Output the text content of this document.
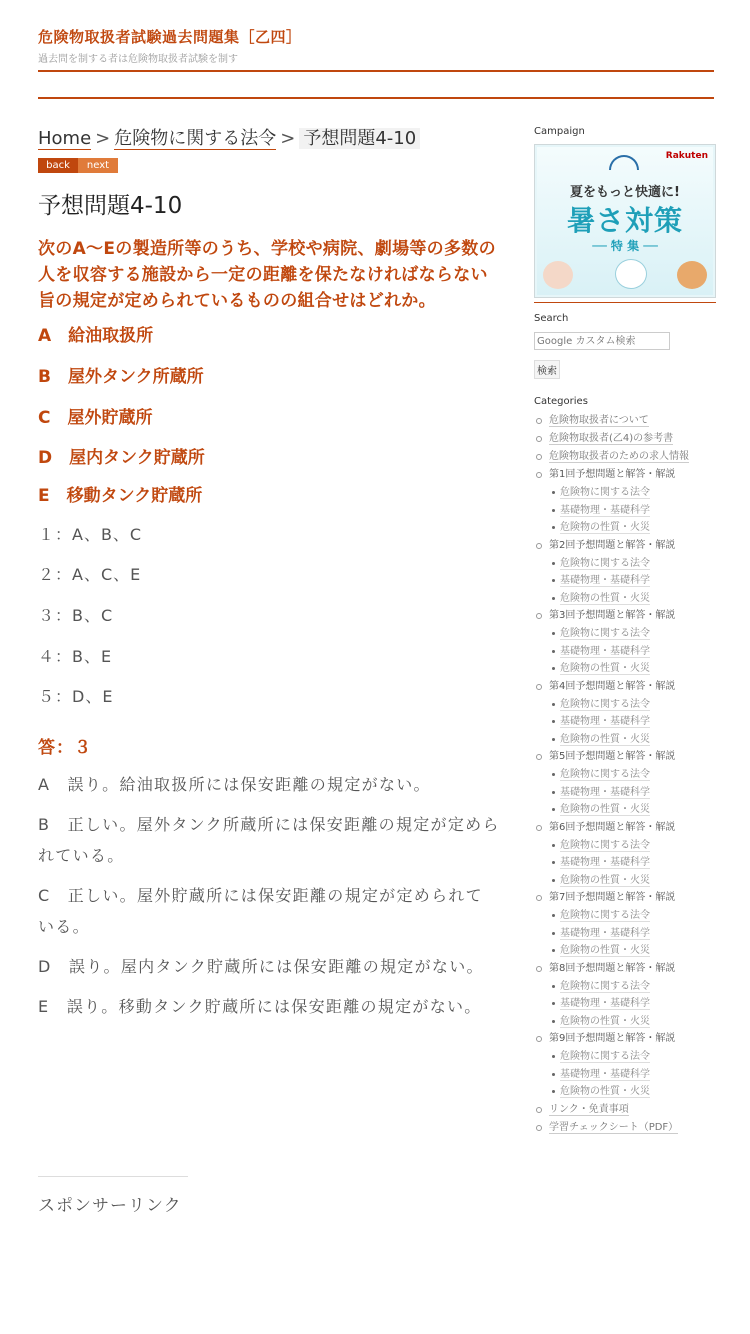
危険物取扱者試験過去問題集［乙四］
過去問を制する者は危険物取扱者試験を制す
Home > 危険物に関する法令 > 予想問題4-10
back	next
予想問題4-10
次のA～Eの製造所等のうち、学校や病院、劇場等の多数の人を収容する施設から一定の距離を保たなければならない旨の規定が定められているものの組合せはどれか。
A　給油取扱所
B　屋外タンク所蔵所
C　屋外貯蔵所
D　屋内タンク貯蔵所
E　移動タンク貯蔵所
１：A、B、C
２：A、C、E
３：B、C
４：B、E
５：D、E
答：３
A　誤り。給油取扱所には保安距離の規定がない。
B　正しい。屋外タンク所蔵所には保安距離の規定が定められている。
C　正しい。屋外貯蔵所には保安距離の規定が定められている。
D　誤り。屋内タンク貯蔵所には保安距離の規定がない。
E　誤り。移動タンク貯蔵所には保安距離の規定がない。
スポンサーリンク
Campaign
Rakuten
夏をもっと快適に!
暑さ対策
── 特 集 ──
Search
Google カスタム検索
検索
Categories
危険物取扱者について
危険物取扱者(乙4)の参考書
危険物取扱者のための求人情報
第1回予想問題と解答・解説
危険物に関する法令
基礎物理・基礎科学
危険物の性質・火災
第2回予想問題と解答・解説
危険物に関する法令
基礎物理・基礎科学
危険物の性質・火災
第3回予想問題と解答・解説
危険物に関する法令
基礎物理・基礎科学
危険物の性質・火災
第4回予想問題と解答・解説
危険物に関する法令
基礎物理・基礎科学
危険物の性質・火災
第5回予想問題と解答・解説
危険物に関する法令
基礎物理・基礎科学
危険物の性質・火災
第6回予想問題と解答・解説
危険物に関する法令
基礎物理・基礎科学
危険物の性質・火災
第7回予想問題と解答・解説
危険物に関する法令
基礎物理・基礎科学
危険物の性質・火災
第8回予想問題と解答・解説
危険物に関する法令
基礎物理・基礎科学
危険物の性質・火災
第9回予想問題と解答・解説
危険物に関する法令
基礎物理・基礎科学
危険物の性質・火災
リンク・免責事項
学習チェックシート（PDF）
